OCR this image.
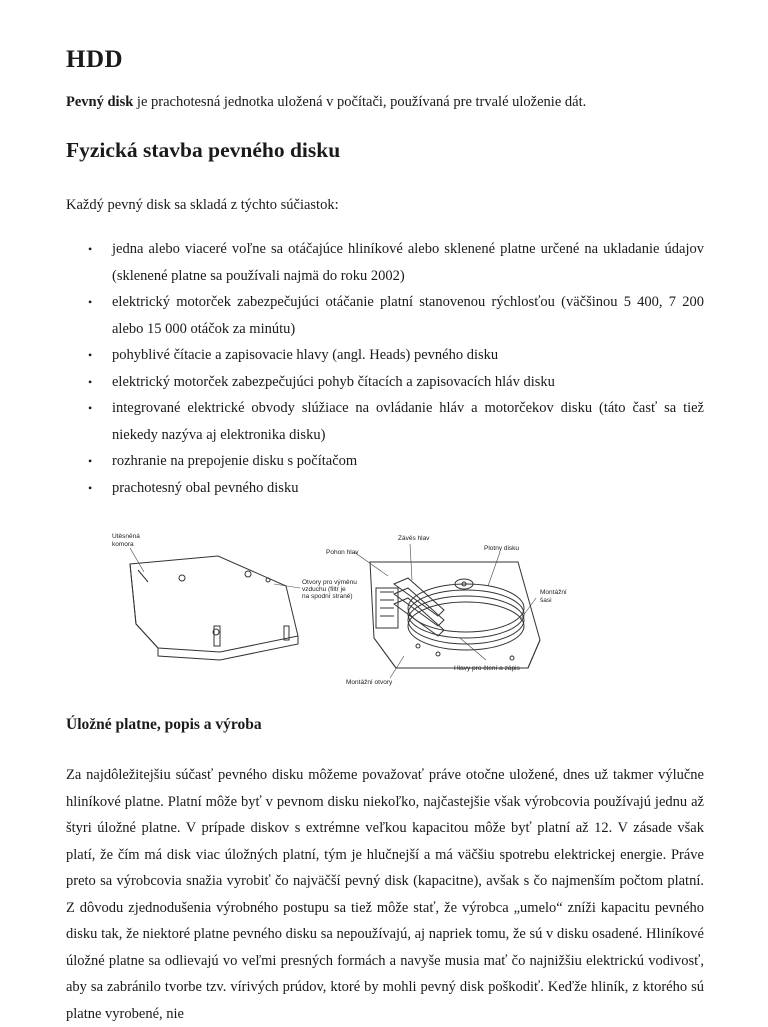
HDD

Pevný disk je prachotesná jednotka uložená v počítači, používaná pre trvalé uloženie dát.

Fyzická stavba pevného disku

Každý pevný disk sa skladá z týchto súčiastok:

• jedna alebo viaceré voľne sa otáčajúce hliníkové alebo sklenené platne určené na ukladanie údajov (sklenené platne sa používali najmä do roku 2002)
• elektrický motorček zabezpečujúci otáčanie platní stanovenou rýchlosťou (väčšinou 5 400, 7 200 alebo 15 000 otáčok za minútu)
• pohyblivé čítacie a zapisovacie hlavy (angl. Heads) pevného disku
• elektrický motorček zabezpečujúci pohyb čítacích a zapisovacích hláv disku
• integrované elektrické obvody slúžiace na ovládanie hláv a motorčekov disku (táto časť sa tiež niekedy nazýva aj elektronika disku)
• rozhranie na prepojenie disku s počítačom
• prachotesný obal pevného disku
Utěsněná komora
Otvory pro výměnu vzduchu (filtr je na spodní straně)
Pohon hlav
Závěs hlav
Plotny disku
Montážní šasi
Hlavy pro čtení a zápis
Montážní otvory
Úložné platne, popis a výroba

Za najdôležitejšiu súčasť pevného disku môžeme považovať práve otočne uložené, dnes už takmer výlučne hliníkové platne. Platní môže byť v pevnom disku niekoľko, najčastejšie však výrobcovia používajú jednu až štyri úložné platne. V prípade diskov s extrémne veľkou kapacitou môže byť platní až 12. V zásade však platí, že čím má disk viac úložných platní, tým je hlučnejší a má väčšiu spotrebu elektrickej energie. Práve preto sa výrobcovia snažia vyrobiť čo najväčší pevný disk (kapacitne), avšak s čo najmenším počtom platní. Z dôvodu zjednodušenia výrobného postupu sa tiež môže stať, že výrobca „umelo“ zníži kapacitu pevného disku tak, že niektoré platne pevného disku sa nepoužívajú, aj napriek tomu, že sú v disku osadené. Hliníkové úložné platne sa odlievajú vo veľmi presných formách a navyše musia mať čo najnižšiu elektrickú vodivosť, aby sa zabránilo tvorbe tzv. vírivých prúdov, ktoré by mohli pevný disk poškodiť. Keďže hliník, z ktorého sú platne vyrobené, nie
